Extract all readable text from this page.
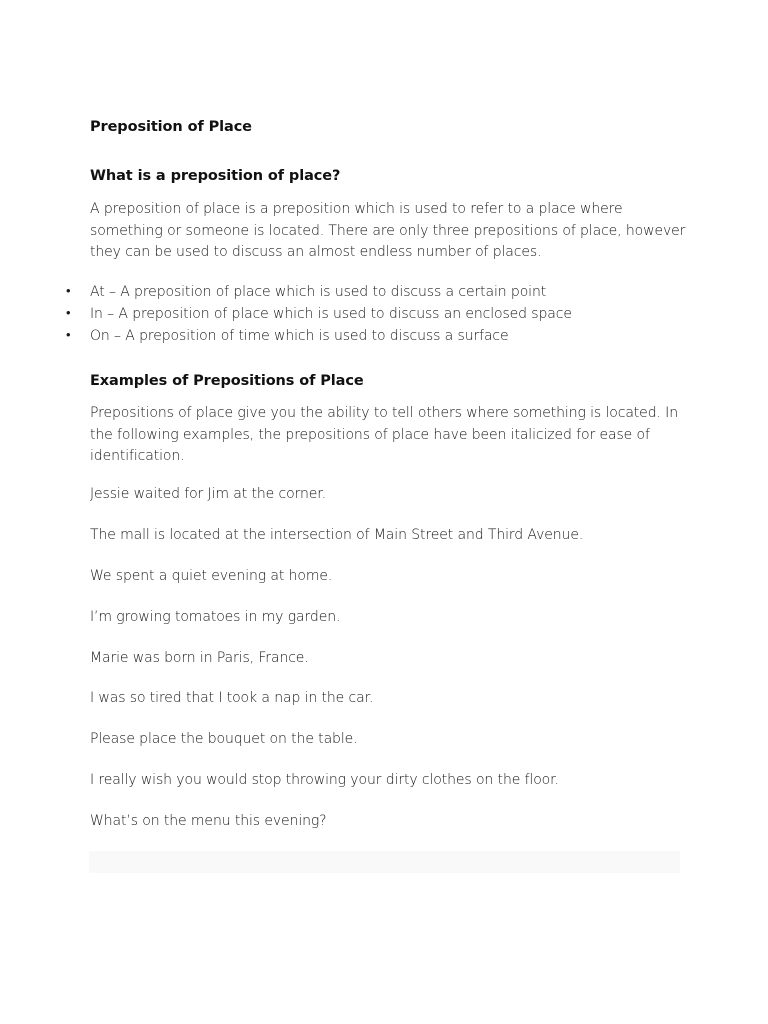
Preposition of Place
What is a preposition of place?
A preposition of place is a preposition which is used to refer to a place where something or someone is located. There are only three prepositions of place, however they can be used to discuss an almost endless number of places.
• At – A preposition of place which is used to discuss a certain point
• In – A preposition of place which is used to discuss an enclosed space
• On – A preposition of time which is used to discuss a surface
Examples of Prepositions of Place
Prepositions of place give you the ability to tell others where something is located. In the following examples, the prepositions of place have been italicized for ease of identification.
Jessie waited for Jim at the corner.
The mall is located at the intersection of Main Street and Third Avenue.
We spent a quiet evening at home.
I’m growing tomatoes in my garden.
Marie was born in Paris, France.
I was so tired that I took a nap in the car.
Please place the bouquet on the table.
I really wish you would stop throwing your dirty clothes on the floor.
What’s on the menu this evening?
